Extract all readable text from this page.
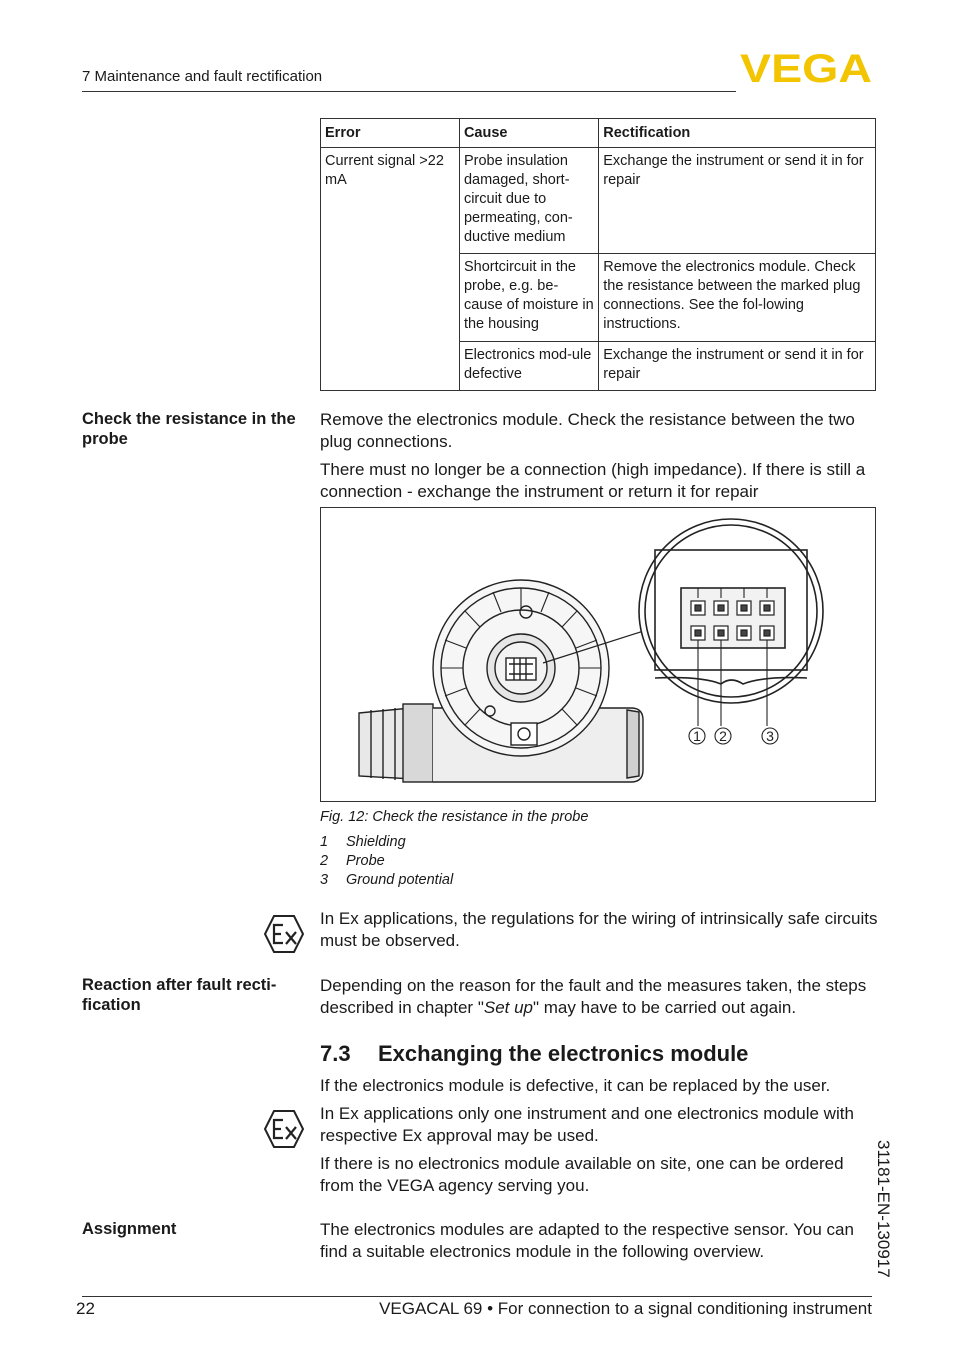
7 Maintenance and fault rectification	VEGA
Error	Cause	Rectification
Current signal >22 mA	Probe insulation damaged, short-circuit due to permeating, con-ductive medium	Exchange the instrument or send it in for repair
	Shortcircuit in the probe, e.g. be-cause of moisture in the housing	Remove the electronics module. Check the resistance between the marked plug connections. See the fol-lowing instructions.
	Electronics mod-ule defective	Exchange the instrument or send it in for repair
Check the resistance in the probe
Remove the electronics module. Check the resistance between the two plug connections.
There must no longer be a connection (high impedance). If there is still a connection - exchange the instrument or return it for repair
1 2	3
Fig. 12: Check the resistance in the probe
1 Shielding
2 Probe
3 Ground potential
In Ex applications, the regulations for the wiring of intrinsically safe circuits must be observed.
Reaction after fault recti-fication
Depending on the reason for the fault and the measures taken, the steps described in chapter "Set up" may have to be carried out again.
7.3 Exchanging the electronics module
If the electronics module is defective, it can be replaced by the user.
In Ex applications only one instrument and one electronics module with respective Ex approval may be used.
If there is no electronics module available on site, one can be ordered from the VEGA agency serving you.
Assignment	The electronics modules are adapted to the respective sensor. You can find a suitable electronics module in the following overview.	31181-EN-130917
22	VEGACAL 69 • For connection to a signal conditioning instrument
